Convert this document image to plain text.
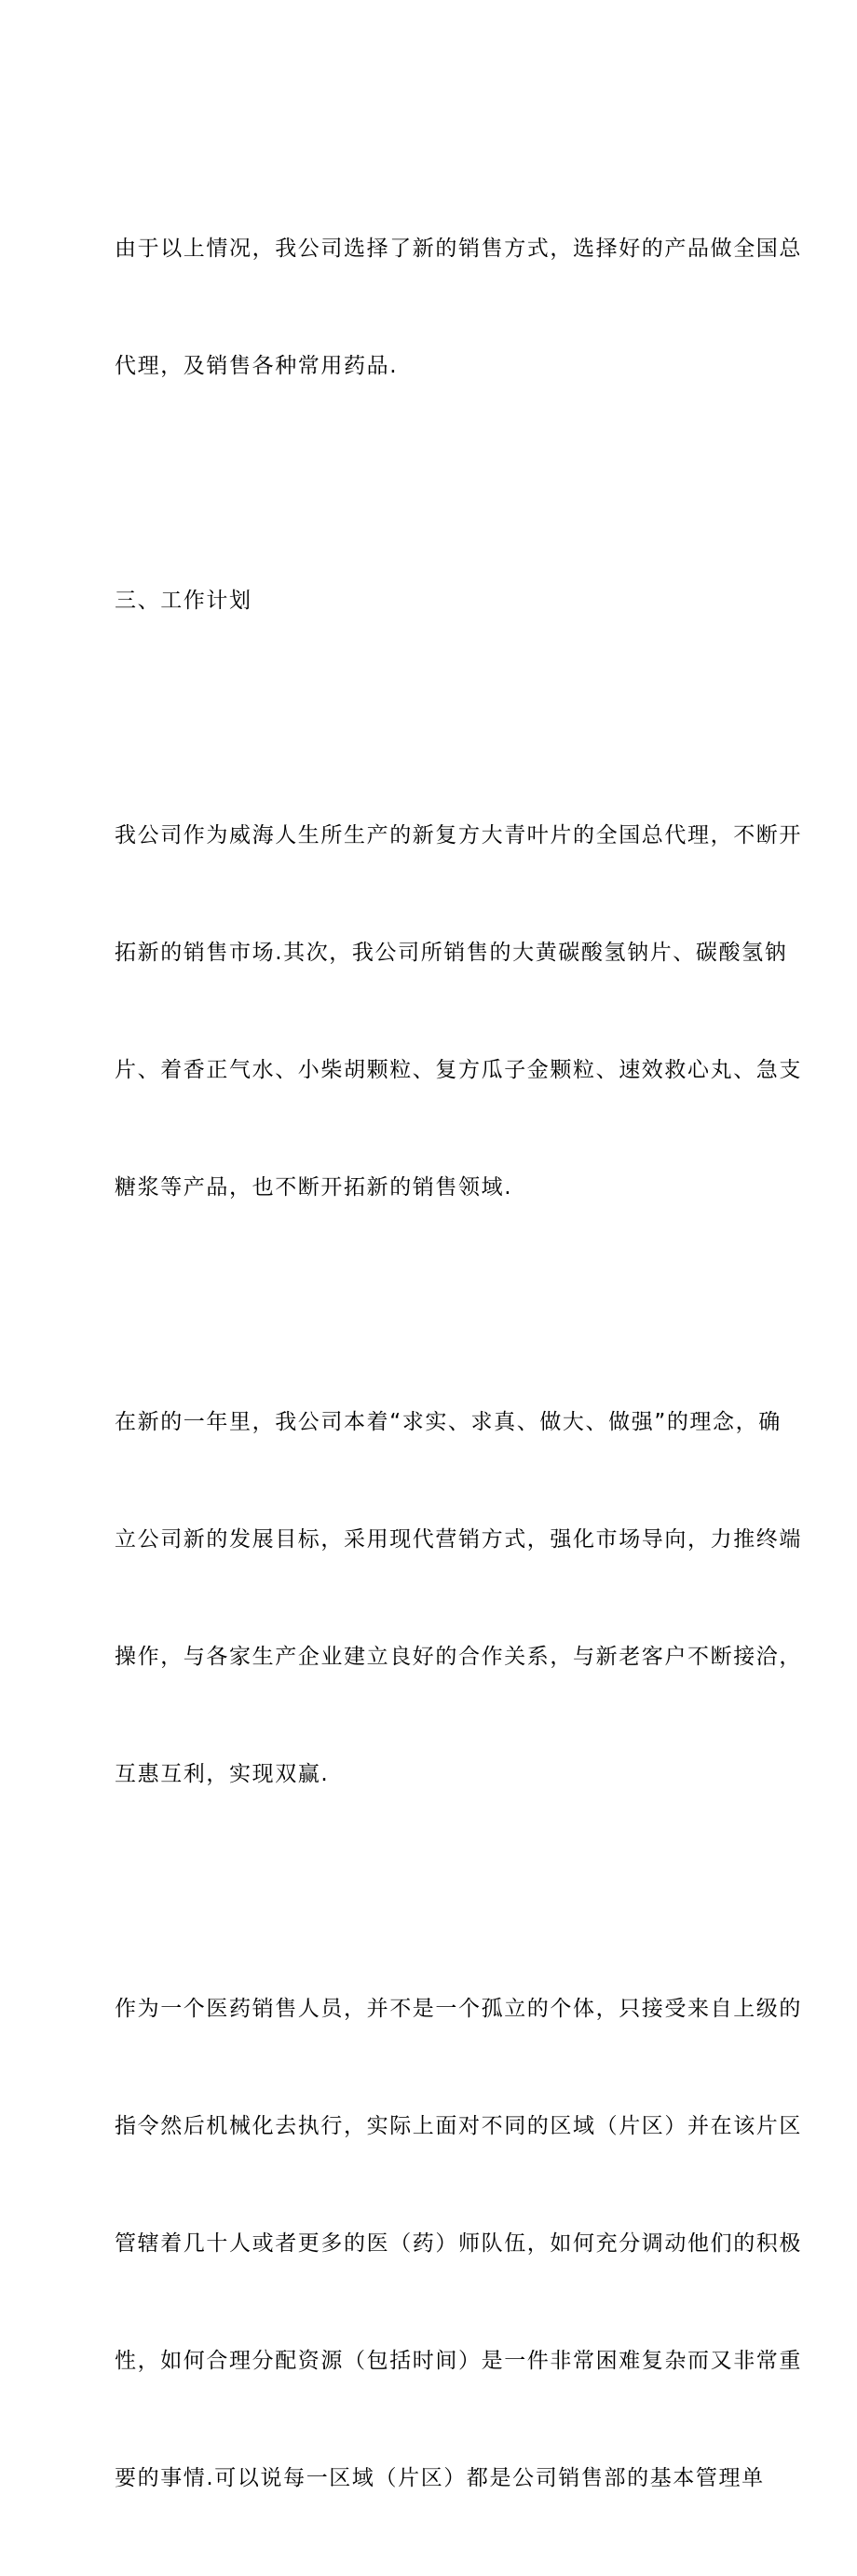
由于以上情况，我公司选择了新的销售方式，选择好的产品做全国总

代理，及销售各种常用药品.

三、工作计划

我公司作为威海人生所生产的新复方大青叶片的全国总代理，不断开

拓新的销售市场.其次，我公司所销售的大黄碳酸氢钠片、碳酸氢钠

片、着香正气水、小柴胡颗粒、复方瓜子金颗粒、速效救心丸、急支

糖浆等产品，也不断开拓新的销售领域.

在新的一年里，我公司本着“求实、求真、做大、做强”的理念，确

立公司新的发展目标，采用现代营销方式，强化市场导向，力推终端

操作，与各家生产企业建立良好的合作关系，与新老客户不断接洽，

互惠互利，实现双赢.

作为一个医药销售人员，并不是一个孤立的个体，只接受来自上级的

指令然后机械化去执行，实际上面对不同的区域（片区）并在该片区

管辖着几十人或者更多的医（药）师队伍，如何充分调动他们的积极

性，如何合理分配资源（包括时间）是一件非常困难复杂而又非常重

要的事情.可以说每一区域（片区）都是公司销售部的基本管理单
